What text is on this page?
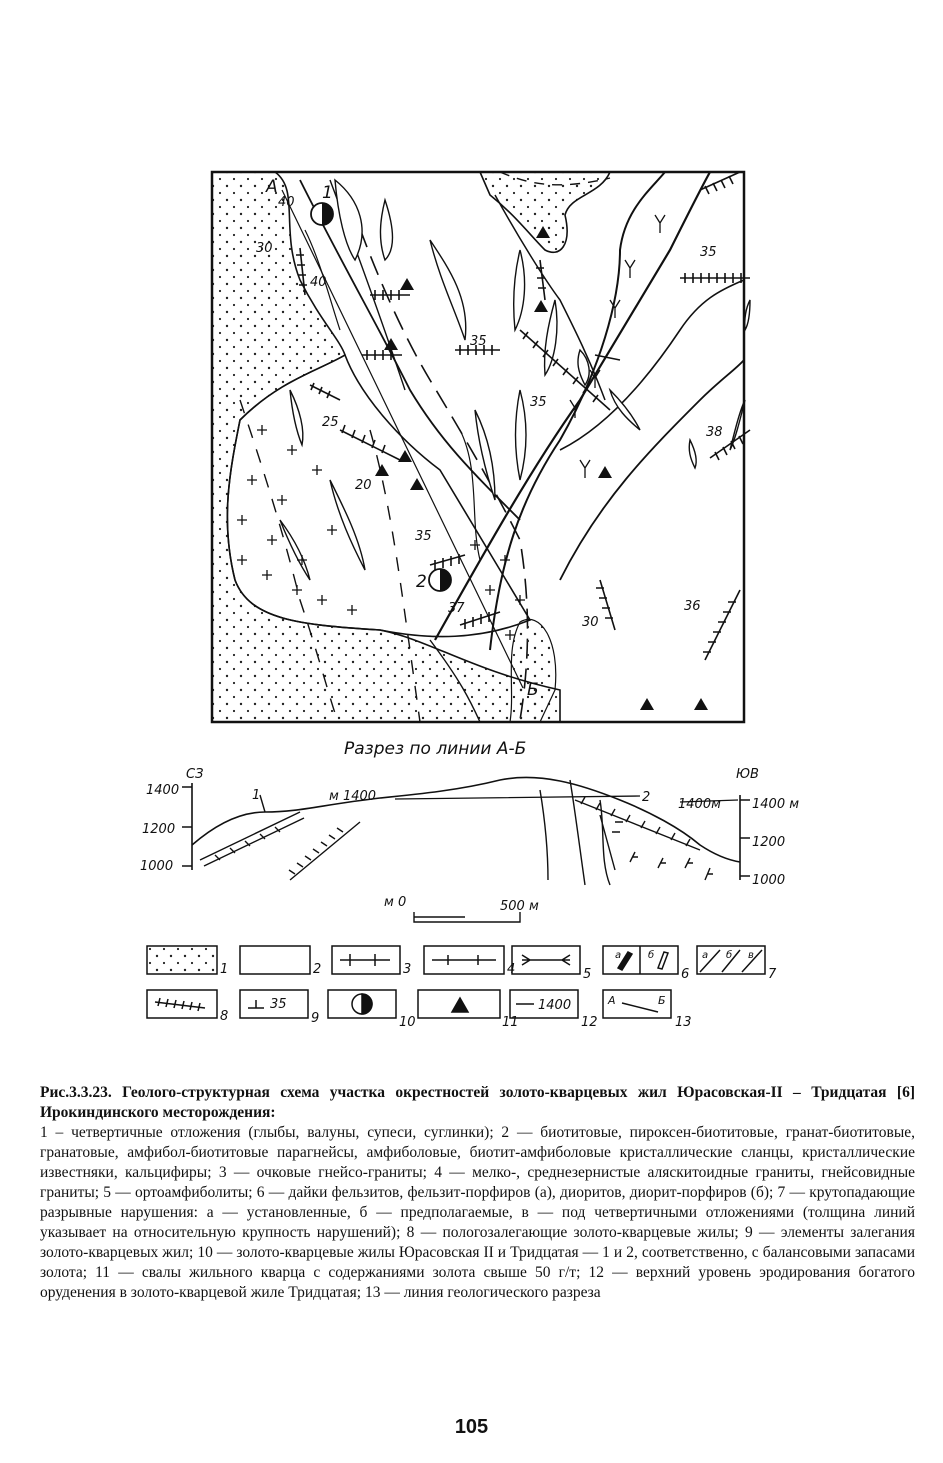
А	1
2
40
30
40
35
35
25
20
35
37
30
36
38
35
Разрез по линии А-Б
СЗ	ЮВ
1400
1200
1000
1400 м
1200
1000
м 1400
1400м
1	2
м 0	500 м
1	2	3	4	5	6	7
8	9	10	11	12	13
а	б	а б в
35	1400	А	Б
Рис.3.3.23. Геолого-структурная схема участка окрестностей золото-кварцевых жил Юрасовская-II – Тридцатая [6] Ирокиндинского месторождения:
1 – четвертичные отложения (глыбы, валуны, супеси, суглинки); 2 — биотитовые, пироксен-биотитовые, гранат-биотитовые, гранатовые, амфибол-биотитовые парагнейсы, амфиболовые, биотит-амфиболовые кристаллические сланцы, кристаллические известняки, кальцифиры; 3 — очковые гнейсо-граниты; 4 — мелко-, среднезернистые аляскитоидные граниты, гнейсовидные граниты; 5 — ортоамфиболиты; 6 — дайки фельзитов, фельзит-порфиров (а), диоритов, диорит-порфиров (б); 7 — крутопадающие разрывные нарушения: а — установленные, б — предполагаемые, в — под четвертичными отложениями (толщина линий указывает на относительную крупность нарушений); 8 — пологозалегающие золото-кварцевые жилы; 9 — элементы залегания золото-кварцевых жил; 10 — золото-кварцевые жилы Юрасовская II и Тридцатая — 1 и 2, соответственно, с балансовыми запасами золота; 11 — свалы жильного кварца с содержаниями золота свыше 50 г/т; 12 — верхний уровень эродирования богатого оруденения в золото-кварцевой жиле Тридцатая; 13 — линия геологического разреза
105
